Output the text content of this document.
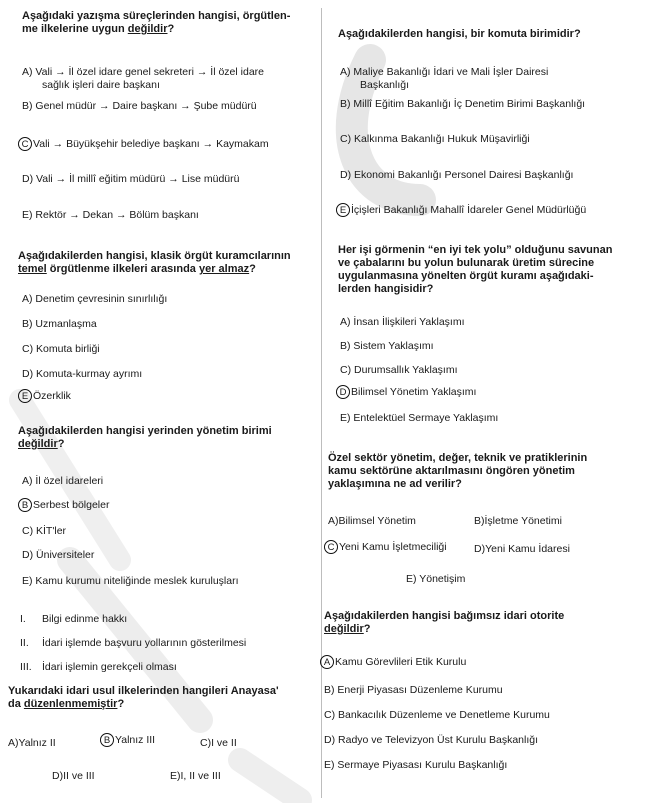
Aşağıdaki yazışma süreçlerinden hangisi, örgütlen-
me ilkelerine uygun değildir?
A) Vali → İl özel idare genel sekreteri → İl özel idare
sağlık işleri daire başkanı
B) Genel müdür → Daire başkanı → Şube müdürü
C Vali → Büyükşehir belediye başkanı → Kaymakam
D) Vali → İl millî eğitim müdürü → Lise müdürü
E) Rektör → Dekan → Bölüm başkanı
Aşağıdakilerden hangisi, klasik örgüt kuramcılarının
temel örgütlenme ilkeleri arasında yer almaz?
A) Denetim çevresinin sınırlılığı
B) Uzmanlaşma
C) Komuta birliği
D) Komuta-kurmay ayrımı
E Özerklik
Aşağıdakilerden hangisi yerinden yönetim birimi
değildir?
A) İl özel idareleri
B Serbest bölgeler
C) KİT'ler
D) Üniversiteler
E) Kamu kurumu niteliğinde meslek kuruluşları
I. Bilgi edinme hakkı
II. İdari işlemde başvuru yollarının gösterilmesi
III. İdari işlemin gerekçeli olması
Yukarıdaki idari usul ilkelerinden hangileri Anayasa'
da düzenlenmemiştir?
A)Yalnız II	B Yalnız III	C)I ve II
D)II ve III	E)I, II ve III
Aşağıdakilerden hangisi, bir komuta birimidir?
A) Maliye Bakanlığı İdari ve Mali İşler Dairesi
Başkanlığı
B) Millî Eğitim Bakanlığı İç Denetim Birimi Başkanlığı
C) Kalkınma Bakanlığı Hukuk Müşavirliği
D) Ekonomi Bakanlığı Personel Dairesi Başkanlığı
E İçişleri Bakanlığı Mahallî İdareler Genel Müdürlüğü
Her işi görmenin “en iyi tek yolu” olduğunu savunan
ve çabalarını bu yolun bulunarak üretim sürecine
uygulanmasına yönelten örgüt kuramı aşağıdaki-
lerden hangisidir?
A) İnsan İlişkileri Yaklaşımı
B) Sistem Yaklaşımı
C) Durumsallık Yaklaşımı
D Bilimsel Yönetim Yaklaşımı
E) Entelektüel Sermaye Yaklaşımı
Özel sektör yönetim, değer, teknik ve pratiklerinin
kamu sektörüne aktarılmasını öngören yönetim
yaklaşımına ne ad verilir?
A)Bilimsel Yönetim	B)İşletme Yönetimi
C Yeni Kamu İşletmeciliği	D)Yeni Kamu İdaresi
E) Yönetişim
Aşağıdakilerden hangisi bağımsız idari otorite
değildir?
A Kamu Görevlileri Etik Kurulu
B) Enerji Piyasası Düzenleme Kurumu
C) Bankacılık Düzenleme ve Denetleme Kurumu
D) Radyo ve Televizyon Üst Kurulu Başkanlığı
E) Sermaye Piyasası Kurulu Başkanlığı
